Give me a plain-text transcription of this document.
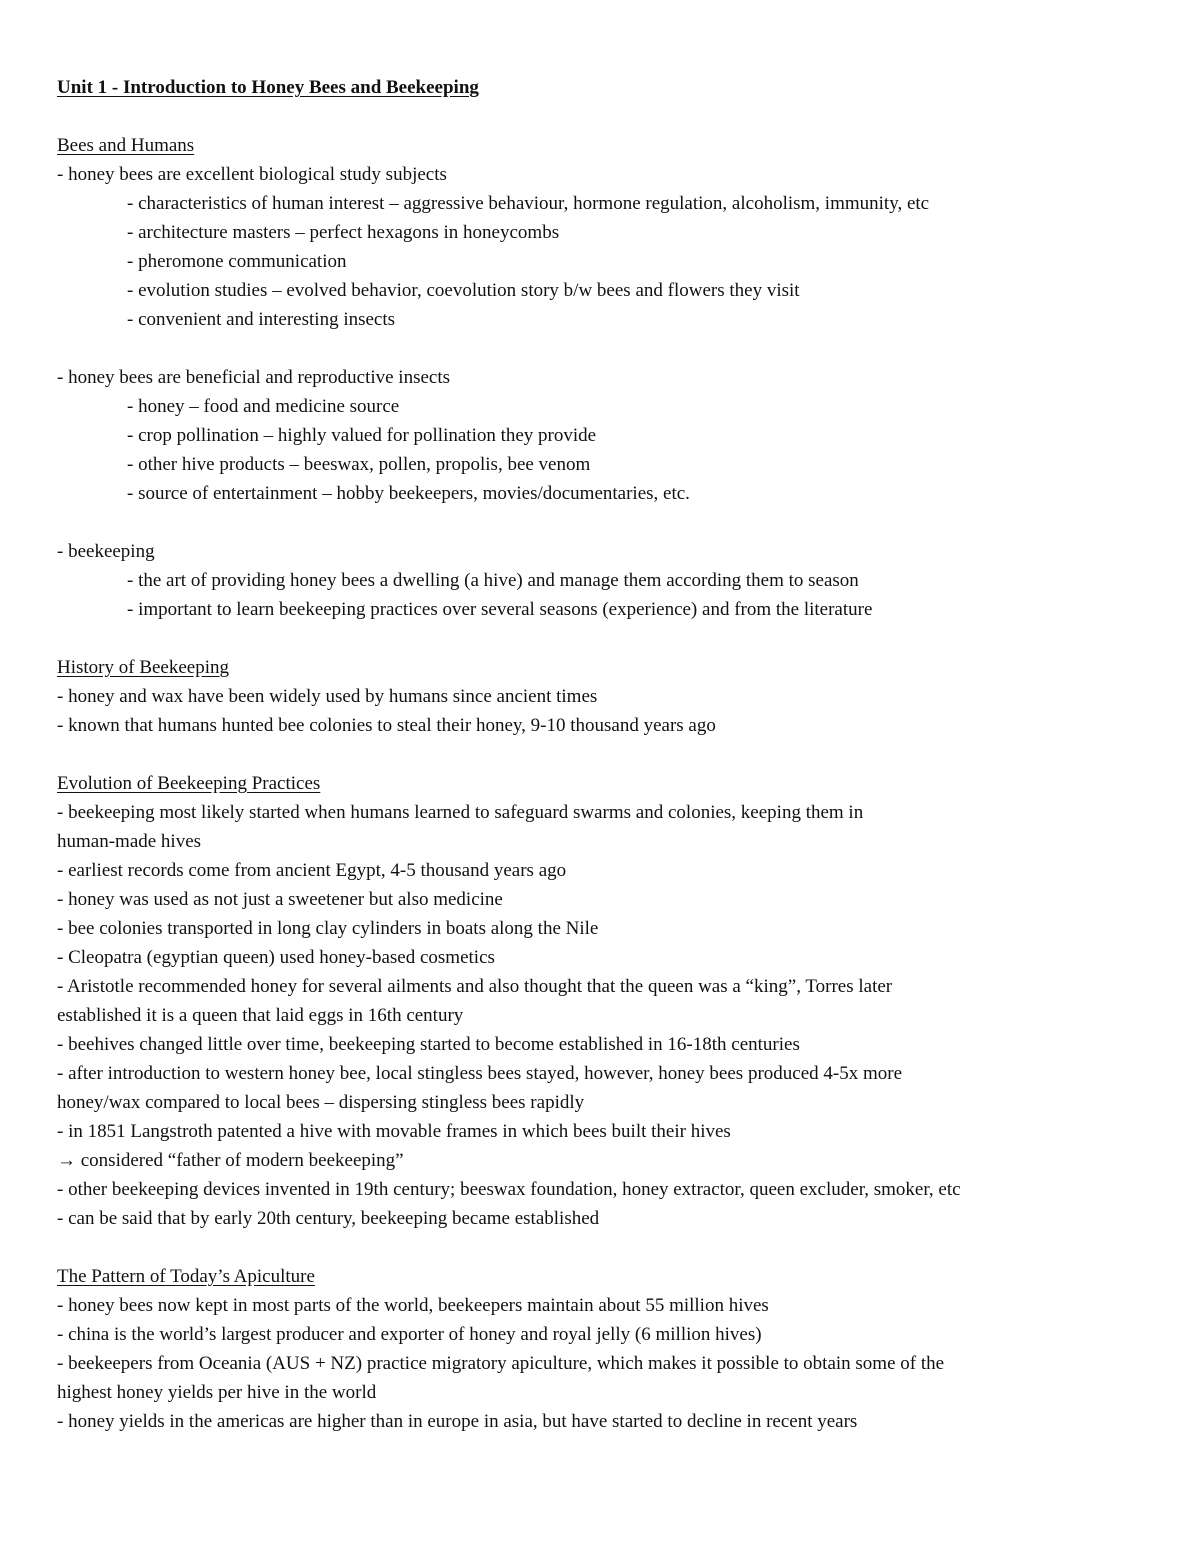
Unit 1 - Introduction to Honey Bees and Beekeeping
Bees and Humans
- honey bees are excellent biological study subjects
- characteristics of human interest – aggressive behaviour, hormone regulation, alcoholism, immunity, etc
- architecture masters – perfect hexagons in honeycombs
- pheromone communication
- evolution studies – evolved behavior, coevolution story b/w bees and flowers they visit
- convenient and interesting insects
- honey bees are beneficial and reproductive insects
- honey – food and medicine source
- crop pollination – highly valued for pollination they provide
- other hive products – beeswax, pollen, propolis, bee venom
- source of entertainment – hobby beekeepers, movies/documentaries, etc.
- beekeeping
- the art of providing honey bees a dwelling (a hive) and manage them according them to season
- important to learn beekeeping practices over several seasons (experience) and from the literature
History of Beekeeping
- honey and wax have been widely used by humans since ancient times
- known that humans hunted bee colonies to steal their honey, 9-10 thousand years ago
Evolution of Beekeeping Practices
- beekeeping most likely started when humans learned to safeguard swarms and colonies, keeping them in
human-made hives
- earliest records come from ancient Egypt, 4-5 thousand years ago
- honey was used as not just a sweetener but also medicine
- bee colonies transported in long clay cylinders in boats along the Nile
- Cleopatra (egyptian queen) used honey-based cosmetics
- Aristotle recommended honey for several ailments and also thought that the queen was a “king”, Torres later
established it is a queen that laid eggs in 16th century
- beehives changed little over time, beekeeping started to become established in 16-18th centuries
- after introduction to western honey bee, local stingless bees stayed, however, honey bees produced 4-5x more
honey/wax compared to local bees – dispersing stingless bees rapidly
- in 1851 Langstroth patented a hive with movable frames in which bees built their hives
→ considered “father of modern beekeeping”
- other beekeeping devices invented in 19th century; beeswax foundation, honey extractor, queen excluder, smoker, etc
- can be said that by early 20th century, beekeeping became established
The Pattern of Today’s Apiculture
- honey bees now kept in most parts of the world, beekeepers maintain about 55 million hives
- china is the world’s largest producer and exporter of honey and royal jelly (6 million hives)
- beekeepers from Oceania (AUS + NZ) practice migratory apiculture, which makes it possible to obtain some of the
highest honey yields per hive in the world
- honey yields in the americas are higher than in europe in asia, but have started to decline in recent years
